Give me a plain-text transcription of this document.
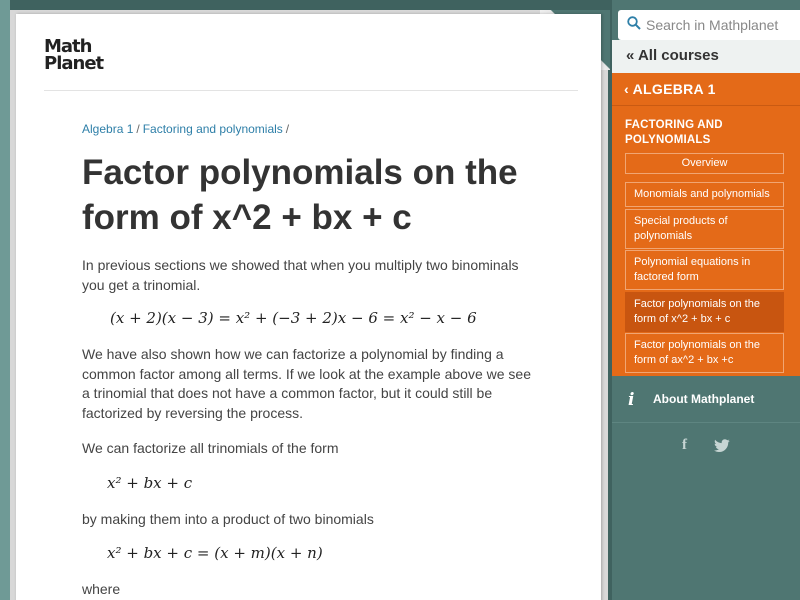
Math
Planet
Algebra 1 / Factoring and polynomials /
Factor polynomials on the form of x^2 + bx + c

In previous sections we showed that when you multiply two binominals you get a trinomial.

(x + 2)(x − 3) = x² + (−3 + 2)x − 6 = x² − x − 6

We have also shown how we can factorize a polynomial by finding a common factor among all terms. If we look at the example above we see a trinomial that does not have a common factor, but it could still be factorized by reversing the process.

We can factorize all trinomials of the form

x² + bx + c

by making them into a product of two binomials

x² + bx + c = (x + m)(x + n)

where

Search in Mathplanet
« All courses
‹ ALGEBRA 1
FACTORING AND POLYNOMIALS
Overview
Monomials and polynomials
Special products of polynomials
Polynomial equations in factored form
Factor polynomials on the form of x^2 + bx + c
Factor polynomials on the form of ax^2 + bx +c
i About Mathplanet
f
